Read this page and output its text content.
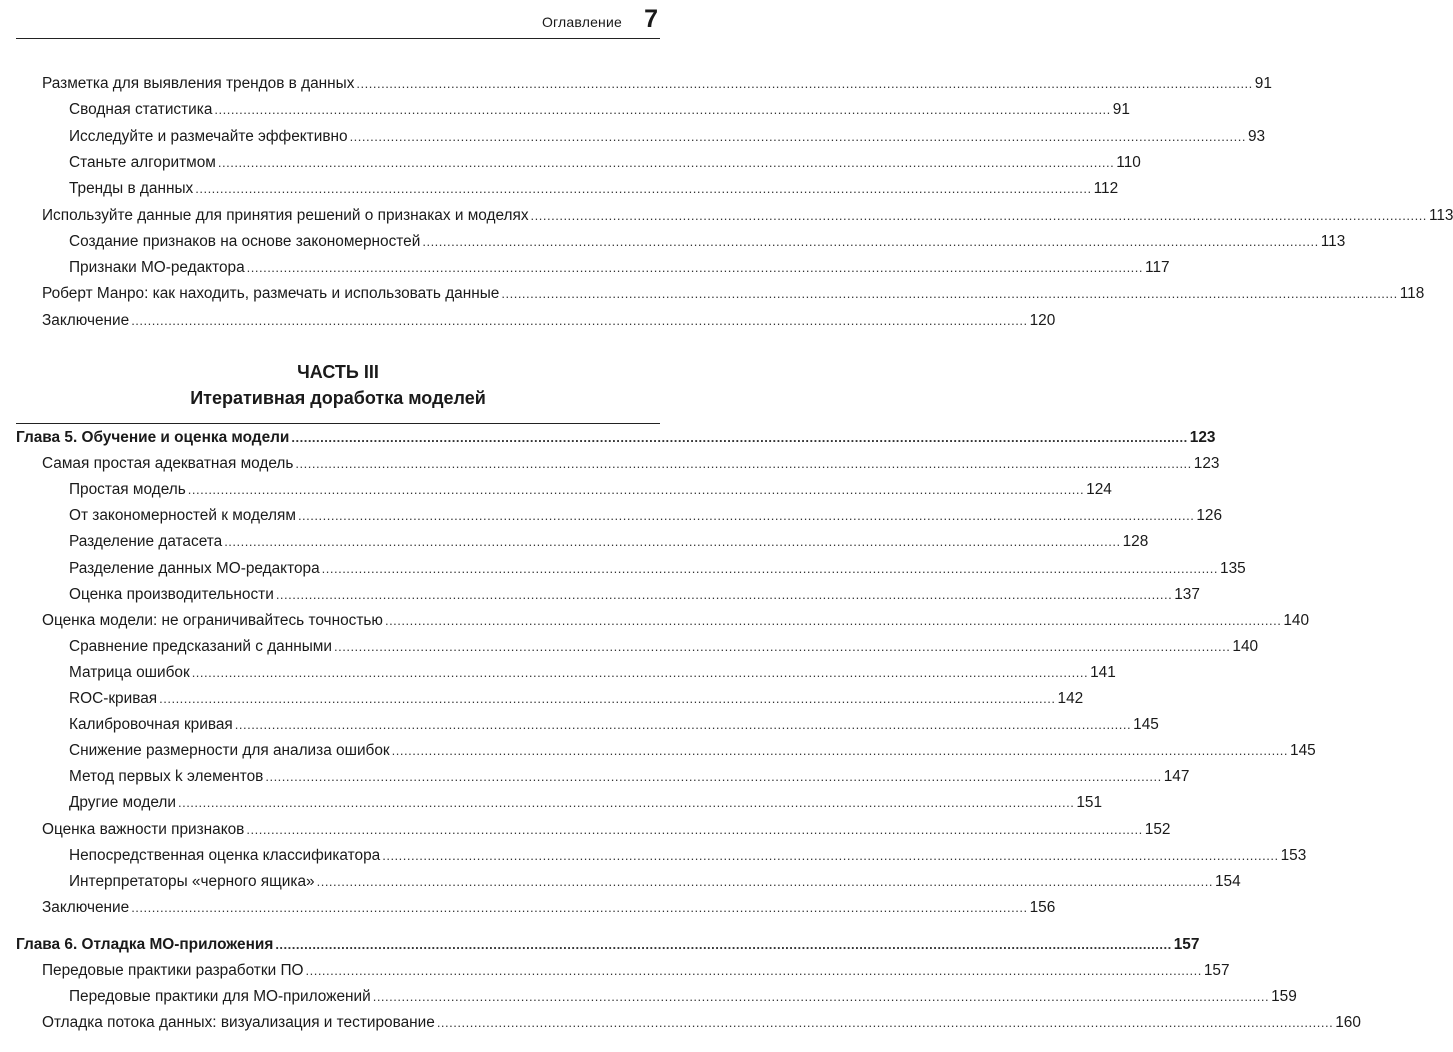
Оглавление 7
ЧАСТЬ III
Итеративная доработка моделей
Разметка для выявления трендов в данных .......................................................................................................................................................................................................................... 91
Сводная статистика .......................................................................................................................................................................................................................... 91
Исследуйте и размечайте эффективно .......................................................................................................................................................................................................................... 93
Станьте алгоритмом .......................................................................................................................................................................................................................... 110
Тренды в данных .......................................................................................................................................................................................................................... 112
Используйте данные для принятия решений о признаках и моделях .......................................................................................................................................................................................................................... 113
Создание признаков на основе закономерностей .......................................................................................................................................................................................................................... 113
Признаки МО-редактора .......................................................................................................................................................................................................................... 117
Роберт Манро: как находить, размечать и использовать данные .......................................................................................................................................................................................................................... 118
Заключение .......................................................................................................................................................................................................................... 120
Глава 5. Обучение и оценка модели .......................................................................................................................................................................................................................... 123
Самая простая адекватная модель .......................................................................................................................................................................................................................... 123
Простая модель .......................................................................................................................................................................................................................... 124
От закономерностей к моделям .......................................................................................................................................................................................................................... 126
Разделение датасета .......................................................................................................................................................................................................................... 128
Разделение данных МО-редактора .......................................................................................................................................................................................................................... 135
Оценка производительности .......................................................................................................................................................................................................................... 137
Оценка модели: не ограничивайтесь точностью .......................................................................................................................................................................................................................... 140
Сравнение предсказаний с данными .......................................................................................................................................................................................................................... 140
Матрица ошибок .......................................................................................................................................................................................................................... 141
ROC-кривая .......................................................................................................................................................................................................................... 142
Калибровочная кривая .......................................................................................................................................................................................................................... 145
Снижение размерности для анализа ошибок .......................................................................................................................................................................................................................... 145
Метод первых k элементов .......................................................................................................................................................................................................................... 147
Другие модели .......................................................................................................................................................................................................................... 151
Оценка важности признаков .......................................................................................................................................................................................................................... 152
Непосредственная оценка классификатора .......................................................................................................................................................................................................................... 153
Интерпретаторы «черного ящика» .......................................................................................................................................................................................................................... 154
Заключение .......................................................................................................................................................................................................................... 156
Глава 6. Отладка МО-приложения .......................................................................................................................................................................................................................... 157
Передовые практики разработки ПО .......................................................................................................................................................................................................................... 157
Передовые практики для МО-приложений .......................................................................................................................................................................................................................... 159
Отладка потока данных: визуализация и тестирование .......................................................................................................................................................................................................................... 160
